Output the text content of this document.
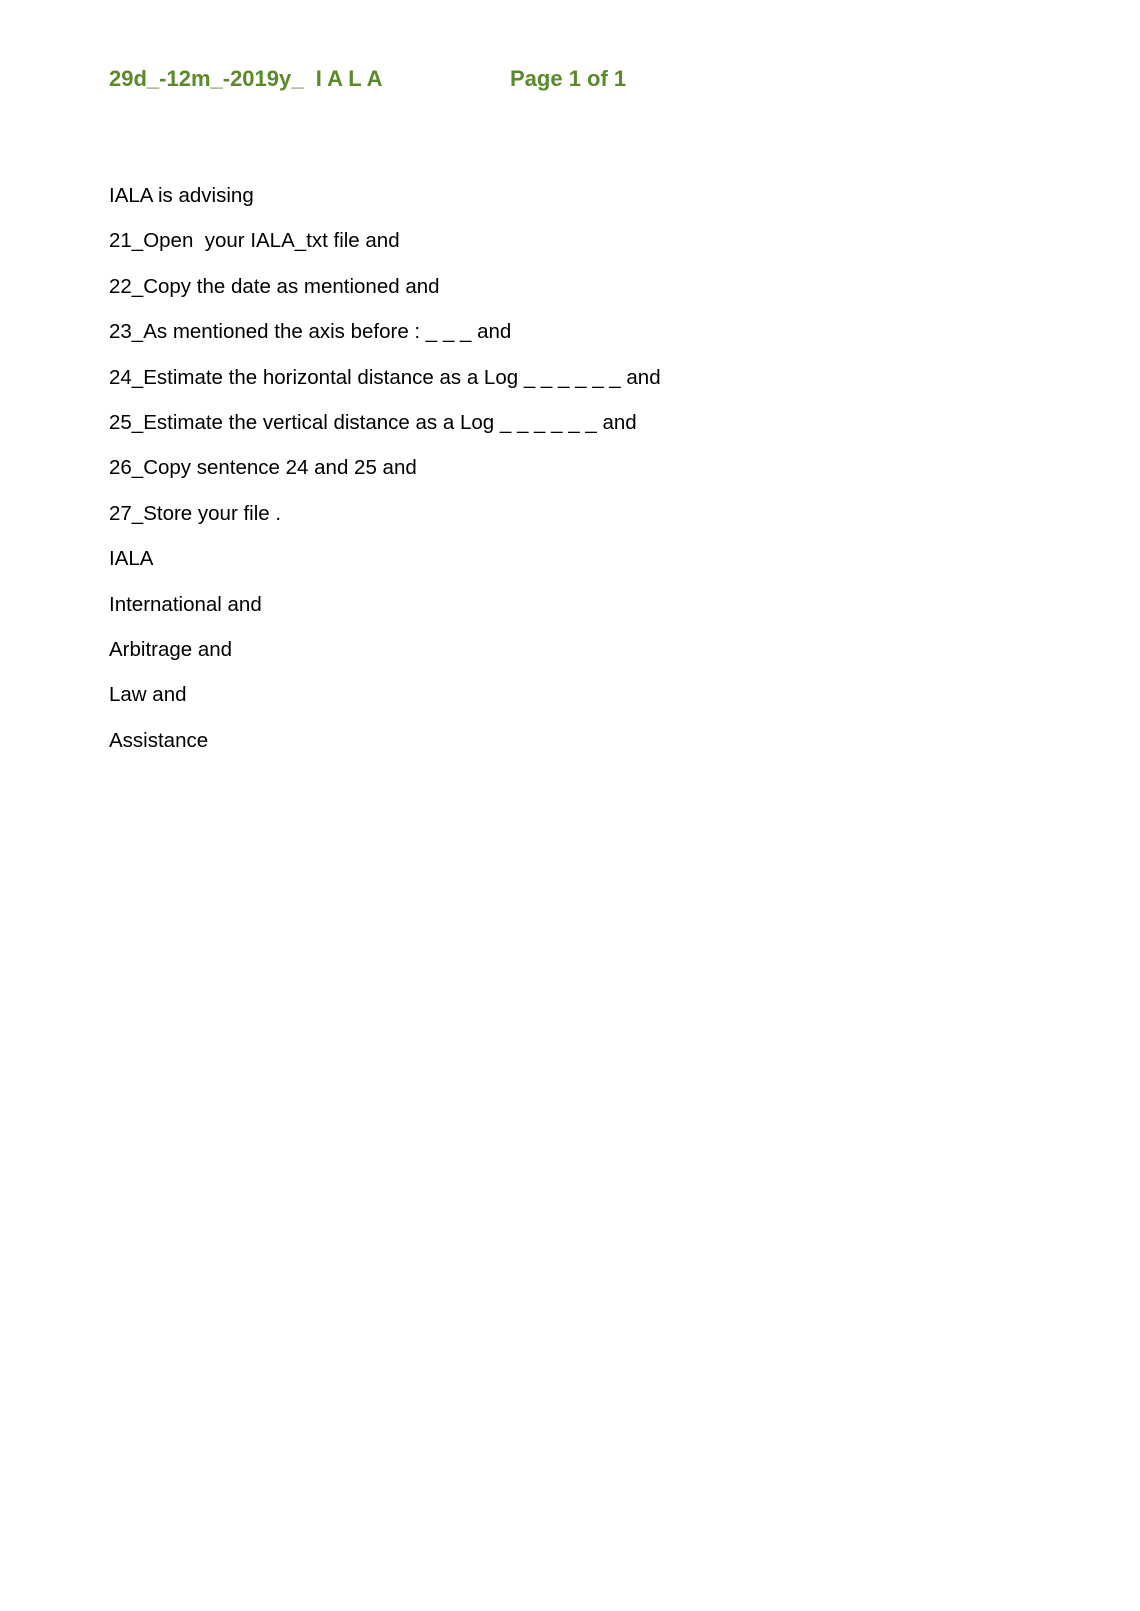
29d_-12m_-2019y_  I A L A

	Page 1 of 1

IALA is advising
21_Open  your IALA_txt file and
22_Copy the date as mentioned and
23_As mentioned the axis before : _ _ _ and
24_Estimate the horizontal distance as a Log _ _ _ _ _ _ and
25_Estimate the vertical distance as a Log _ _ _ _ _ _ and
26_Copy sentence 24 and 25 and
27_Store your file .
IALA
International and
Arbitrage and
Law and
Assistance
